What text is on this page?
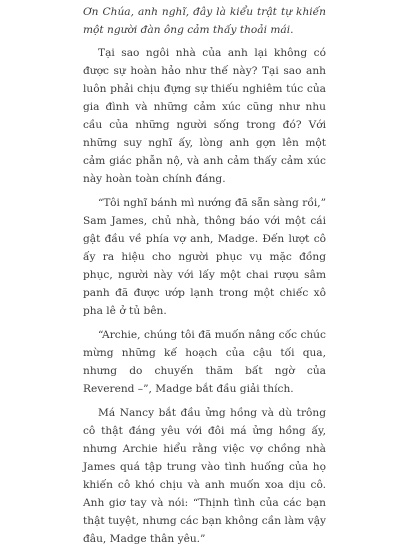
Ơn Chúa, anh nghĩ, đây là kiểu trật tự khiến một người đàn ông cảm thấy thoải mái.

Tại sao ngôi nhà của anh lại không có được sự hoàn hảo như thế này? Tại sao anh luôn phải chịu đựng sự thiếu nghiêm túc của gia đình và những cảm xúc cũng như nhu cầu của những người sống trong đó? Với những suy nghĩ ấy, lòng anh gợn lên một cảm giác phẫn nộ, và anh cảm thấy cảm xúc này hoàn toàn chính đáng.

“Tôi nghĩ bánh mì nướng đã sẵn sàng rồi,” Sam James, chủ nhà, thông báo với một cái gật đầu về phía vợ anh, Madge. Đến lượt cô ấy ra hiệu cho người phục vụ mặc đồng phục, người này với lấy một chai rượu sâm panh đã được ướp lạnh trong một chiếc xô pha lê ở tủ bên.

“Archie, chúng tôi đã muốn nâng cốc chúc mừng những kế hoạch của cậu tối qua, nhưng do chuyến thăm bất ngờ của Reverend –”, Madge bắt đầu giải thích.

Má Nancy bắt đầu ửng hồng và dù trông cô thật đáng yêu với đôi má ửng hồng ấy, nhưng Archie hiểu rằng việc vợ chồng nhà James quá tập trung vào tình huống của họ khiến cô khó chịu và anh muốn xoa dịu cô. Anh giơ tay và nói: “Thịnh tình của các bạn thật tuyệt, nhưng các bạn không cần làm vậy đâu, Madge thân yêu.”
